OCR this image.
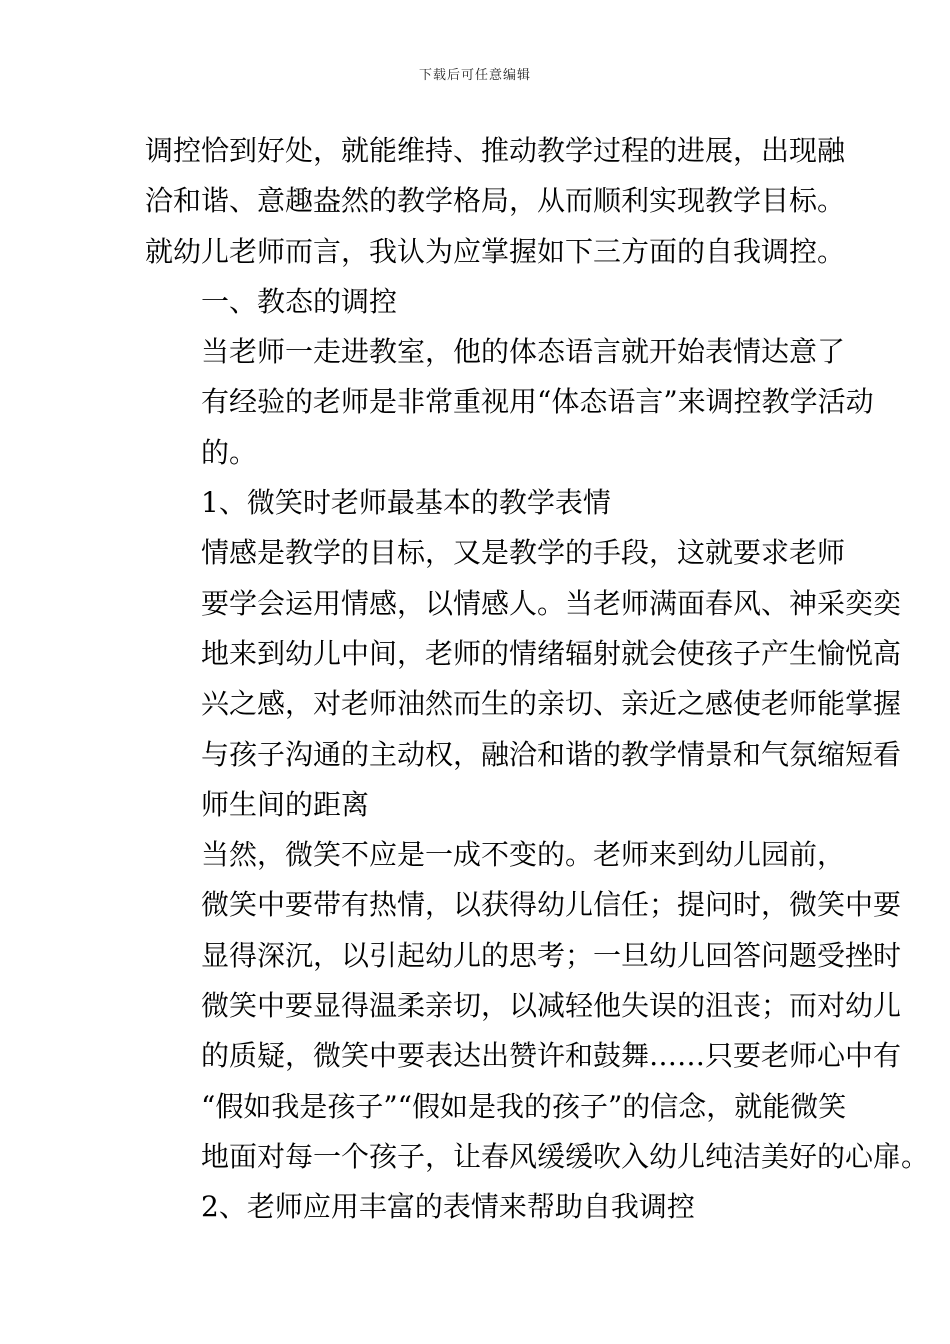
下载后可任意编辑

调控恰到好处，就能维持、推动教学过程的进展，出现融
洽和谐、意趣盎然的教学格局，从而顺利实现教学目标。
就幼儿老师而言，我认为应掌握如下三方面的自我调控。

一、教态的调控

当老师一走进教室，他的体态语言就开始表情达意了
有经验的老师是非常重视用“体态语言”来调控教学活动
的。

1、微笑时老师最基本的教学表情

情感是教学的目标，又是教学的手段，这就要求老师
要学会运用情感，以情感人。当老师满面春风、神采奕奕
地来到幼儿中间，老师的情绪辐射就会使孩子产生愉悦高
兴之感，对老师油然而生的亲切、亲近之感使老师能掌握
与孩子沟通的主动权，融洽和谐的教学情景和气氛缩短看
师生间的距离

当然，微笑不应是一成不变的。老师来到幼儿园前，
微笑中要带有热情，以获得幼儿信任；提问时，微笑中要
显得深沉，以引起幼儿的思考；一旦幼儿回答问题受挫时
微笑中要显得温柔亲切，以减轻他失误的沮丧；而对幼儿
的质疑，微笑中要表达出赞许和鼓舞……只要老师心中有
“假如我是孩子”“假如是我的孩子”的信念，就能微笑
地面对每一个孩子，让春风缓缓吹入幼儿纯洁美好的心扉。

2、老师应用丰富的表情来帮助自我调控
